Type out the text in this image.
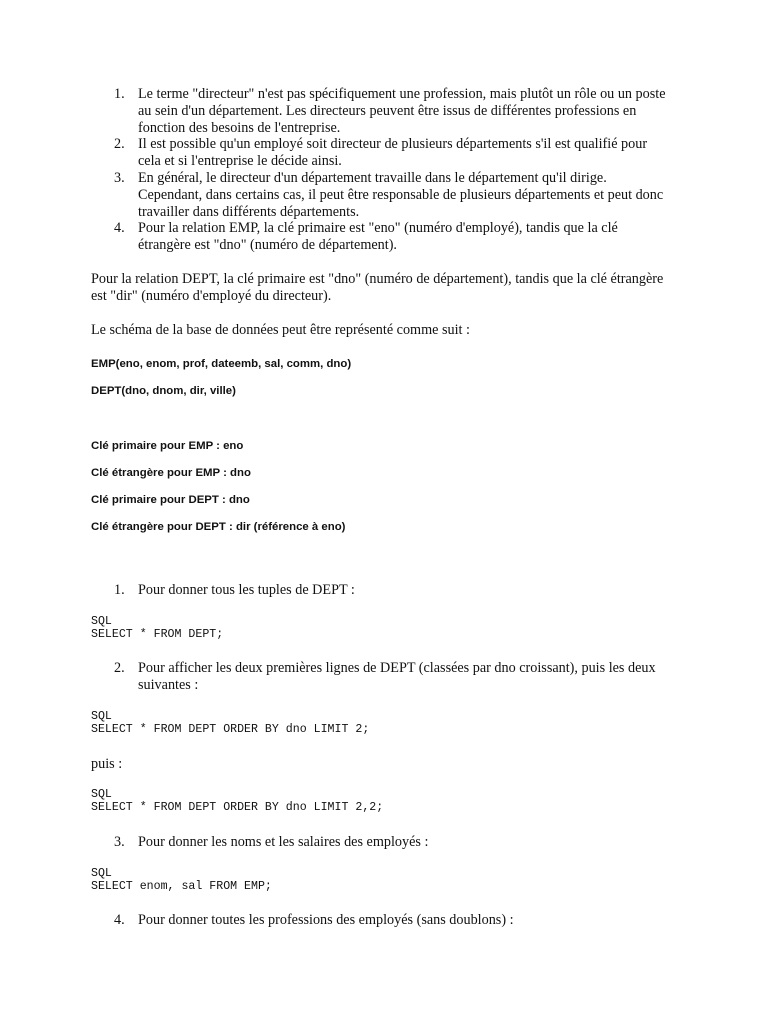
1. Le terme "directeur" n'est pas spécifiquement une profession, mais plutôt un rôle ou un poste au sein d'un département. Les directeurs peuvent être issus de différentes professions en fonction des besoins de l'entreprise.
2. Il est possible qu'un employé soit directeur de plusieurs départements s'il est qualifié pour cela et si l'entreprise le décide ainsi.
3. En général, le directeur d'un département travaille dans le département qu'il dirige. Cependant, dans certains cas, il peut être responsable de plusieurs départements et peut donc travailler dans différents départements.
4. Pour la relation EMP, la clé primaire est "eno" (numéro d'employé), tandis que la clé étrangère est "dno" (numéro de département).
Pour la relation DEPT, la clé primaire est "dno" (numéro de département), tandis que la clé étrangère est "dir" (numéro d'employé du directeur).
Le schéma de la base de données peut être représenté comme suit :
EMP(eno, enom, prof, dateemb, sal, comm, dno)
DEPT(dno, dnom, dir, ville)
Clé primaire pour EMP : eno
Clé étrangère pour EMP : dno
Clé primaire pour DEPT : dno
Clé étrangère pour DEPT : dir (référence à eno)
1. Pour donner tous les tuples de DEPT :
SQL
SELECT * FROM DEPT;
2. Pour afficher les deux premières lignes de DEPT (classées par dno croissant), puis les deux suivantes :
SQL
SELECT * FROM DEPT ORDER BY dno LIMIT 2;
puis :
SQL
SELECT * FROM DEPT ORDER BY dno LIMIT 2,2;
3. Pour donner les noms et les salaires des employés :
SQL
SELECT enom, sal FROM EMP;
4. Pour donner toutes les professions des employés (sans doublons) :
